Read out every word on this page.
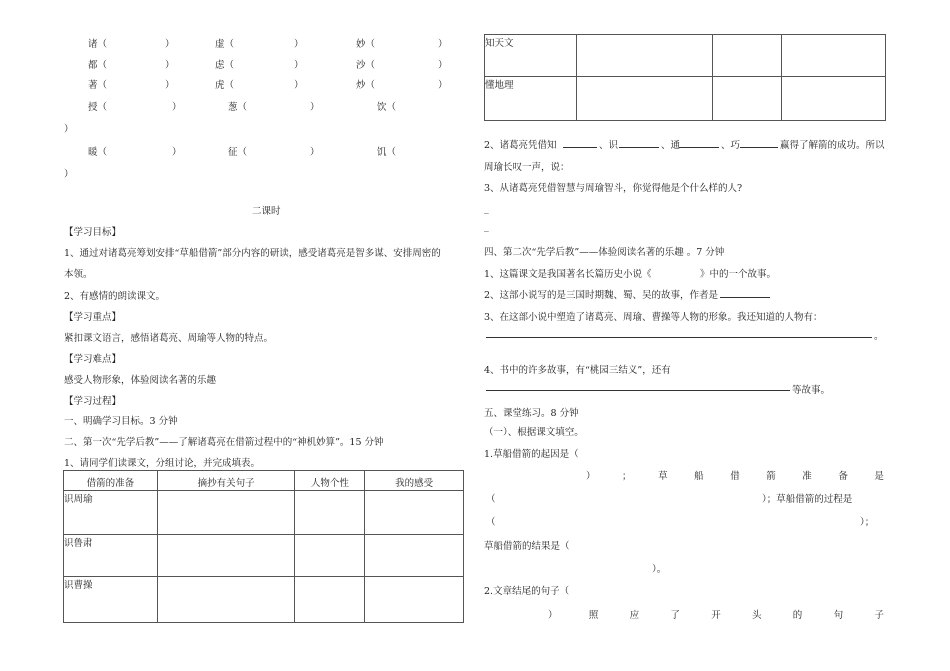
诸（	）	虚（	）	妙（	）
都（	）	虑（	）	沙（	）
著（	）	虎（	）	炒（	）
授（	）	葱（	）	饮（
）
暖（	）	征（	）	饥（
）
二课时
【学习目标】
1、通过对诸葛亮筹划安排“草船借箭”部分内容的研读，感受诸葛亮是智多谋、安排周密的
本领。
2、有感情的朗读课文。
【学习重点】
紧扣课文语言，感悟诸葛亮、周瑜等人物的特点。
【学习难点】
感受人物形象，体验阅读名著的乐趣
【学习过程】
一、明确学习目标。3 分钟
二、第一次“先学后教”——了解诸葛亮在借箭过程中的“神机妙算”。15 分钟
1、请同学们读课文，分组讨论，并完成填表。
借箭的准备	摘抄有关句子	人物个性	我的感受
识周瑜			
识鲁肃			
识曹操			
知天文			
懂地理			
2、诸葛亮凭借知	、识	、通	、巧	赢得了解箭的成功。所以
周瑜长叹一声，说：
3、从诸葛亮凭借智慧与周瑜智斗，你觉得他是个什么样的人?
_
_
四、第二次“先学后教”——体验阅读名著的乐趣 。7 分钟
1、这篇课文是我国著名长篇历史小说《	》中的一个故事。
2、这部小说写的是三国时期魏、蜀、吴的故事，作者是
3、在这部小说中塑造了诸葛亮、周瑜、曹操等人物的形象。我还知道的人物有：
。
4、书中的许多故事，有“桃园三结义”，还有
等故事。
五、课堂练习。8 分钟
（一）、根据课文填空。
1.草船借箭的起因是（
）	；	草	船	借	箭	准	备	是
（	）；草船借箭的过程是
（	）；
草船借箭的结果是（
）。
2.文章结尾的句子（
）	照	应	了	开	头	的	句	子
